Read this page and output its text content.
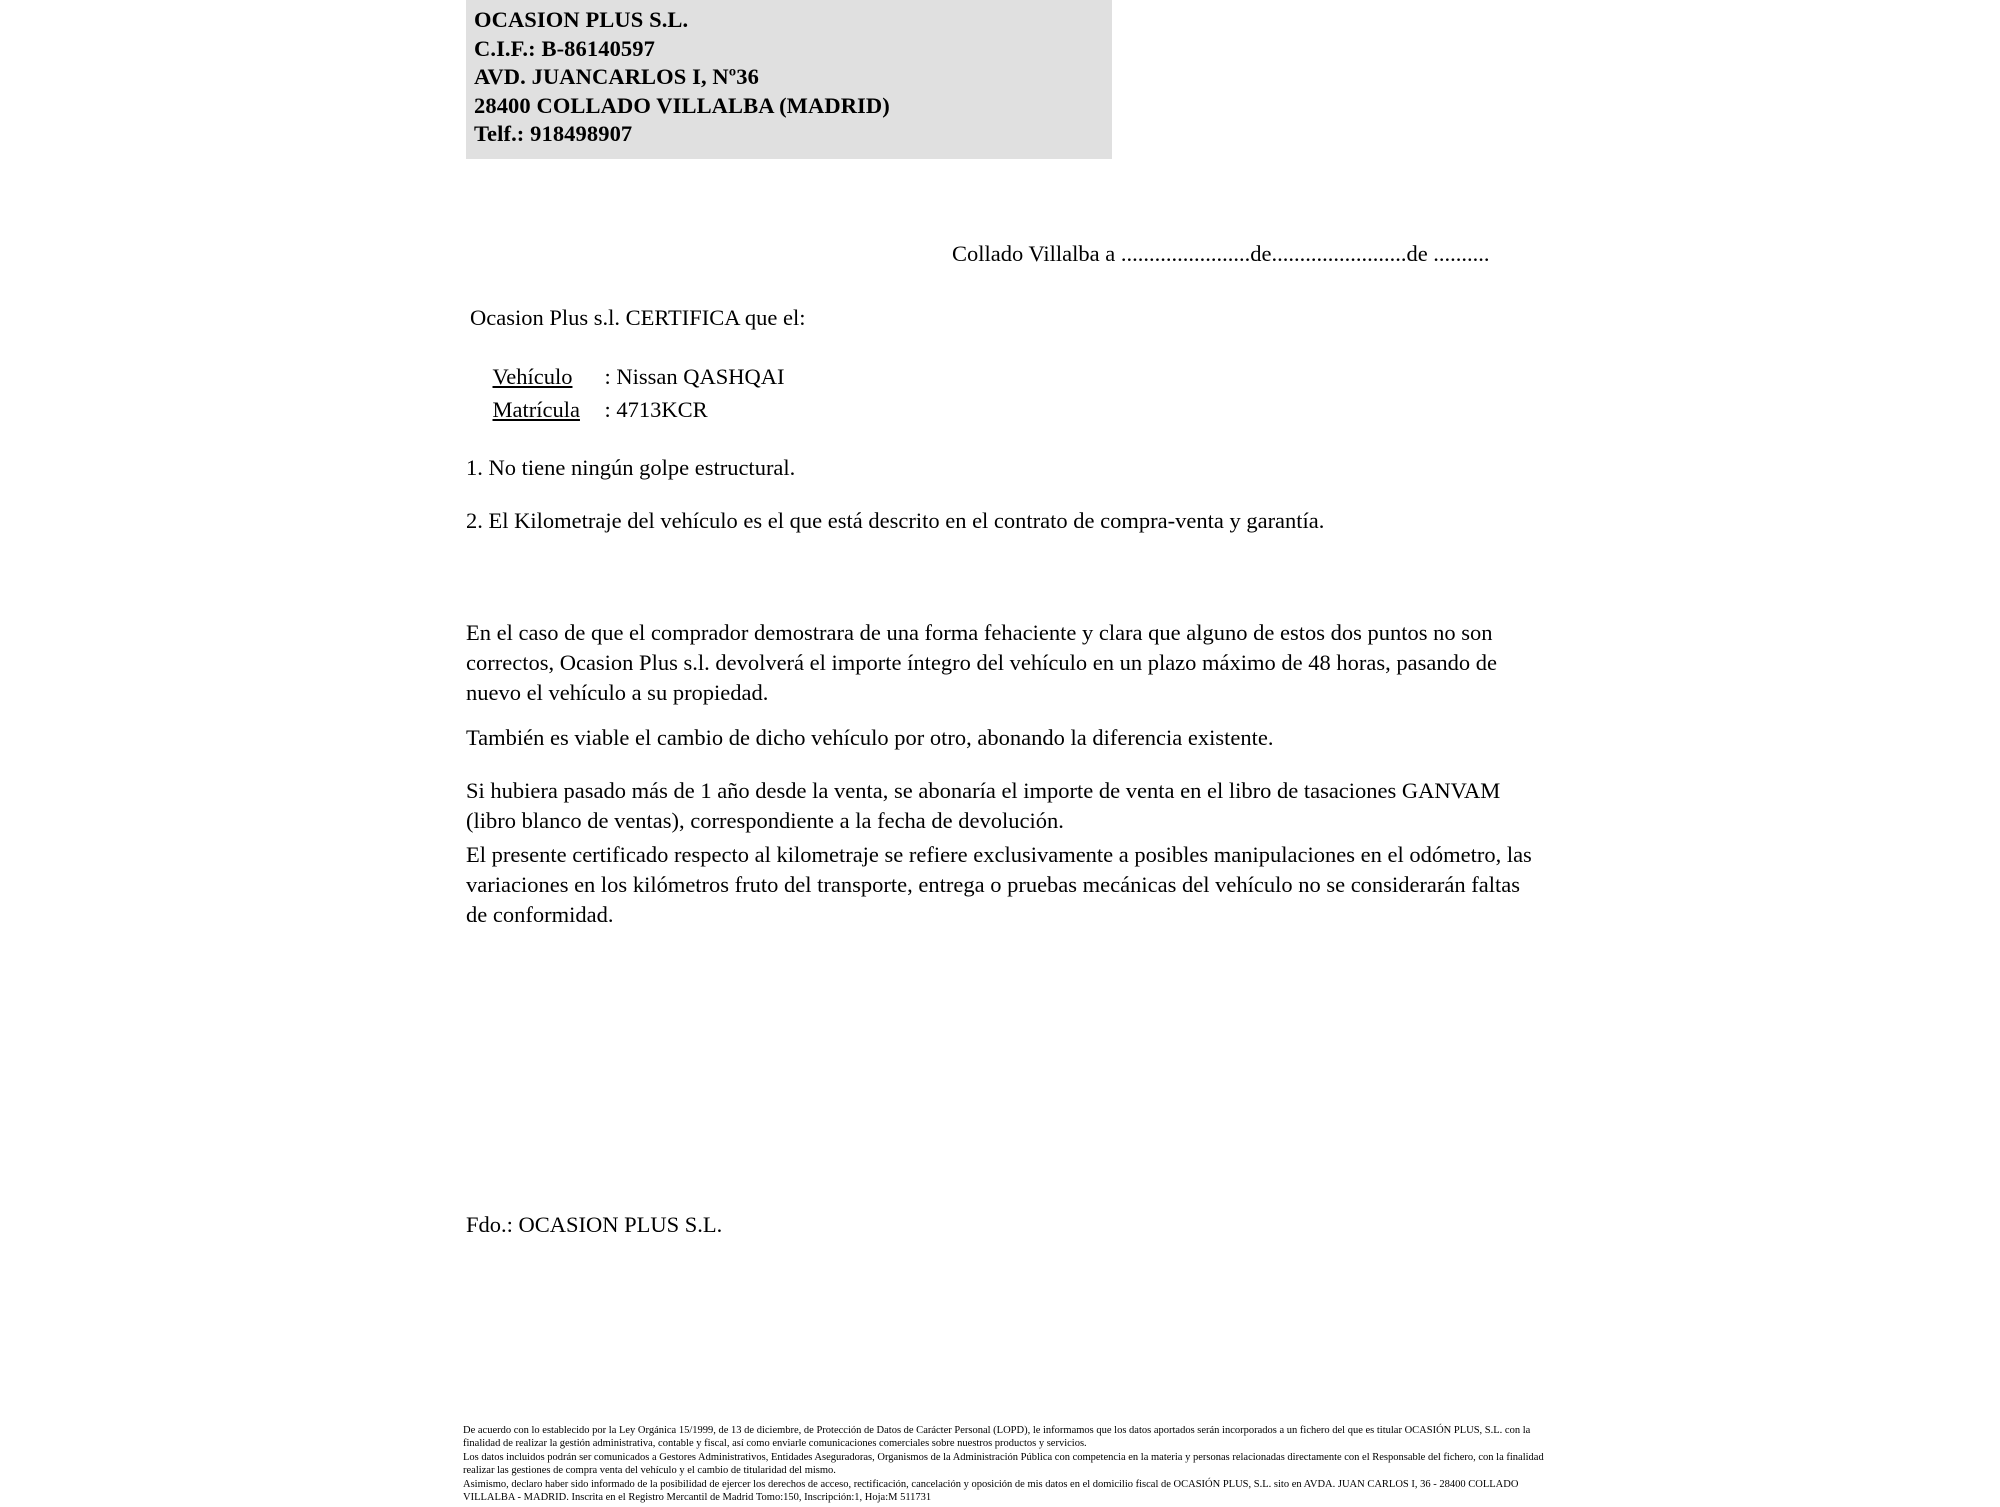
OCASION PLUS S.L.
C.I.F.: B-86140597
AVD. JUANCARLOS I, Nº36
28400 COLLADO VILLALBA (MADRID)
Telf.: 918498907
Collado Villalba a .......................de........................de ..........
Ocasion Plus s.l. CERTIFICA que el:

Vehículo : Nissan QASHQAI

Matrícula : 4713KCR

1. No tiene ningún golpe estructural.
2. El Kilometraje del vehículo es el que está descrito en el contrato de compra-venta y garantía.
En el caso de que el comprador demostrara de una forma fehaciente y clara que alguno de estos dos puntos no son correctos, Ocasion Plus s.l. devolverá el importe íntegro del vehículo en un plazo máximo de 48 horas, pasando de nuevo el vehículo a su propiedad.
También es viable el cambio de dicho vehículo por otro, abonando la diferencia existente.
Si hubiera pasado más de 1 año desde la venta, se abonaría el importe de venta en el libro de tasaciones GANVAM (libro blanco de ventas), correspondiente a la fecha de devolución.
El presente certificado respecto al kilometraje se refiere exclusivamente a posibles manipulaciones en el odómetro, las variaciones en los kilómetros fruto del transporte, entrega o pruebas mecánicas del vehículo no se considerarán faltas de conformidad.
Fdo.: OCASION PLUS S.L.

De acuerdo con lo establecido por la Ley Orgánica 15/1999, de 13 de diciembre, de Protección de Datos de Carácter Personal (LOPD), le informamos que los datos aportados serán incorporados a un fichero del que es titular OCASIÓN PLUS, S.L. con la finalidad de realizar la gestión administrativa, contable y fiscal, así como enviarle comunicaciones comerciales sobre nuestros productos y servicios.

Los datos incluidos podrán ser comunicados a Gestores Administrativos, Entidades Aseguradoras, Organismos de la Administración Pública con competencia en la materia y personas relacionadas directamente con el Responsable del fichero, con la finalidad realizar las gestiones de compra venta del vehículo y el cambio de titularidad del mismo.

Asimismo, declaro haber sido informado de la posibilidad de ejercer los derechos de acceso, rectificación, cancelación y oposición de mis datos en el domicilio fiscal de OCASIÓN PLUS, S.L. sito en AVDA. JUAN CARLOS I, 36 - 28400 COLLADO VILLALBA - MADRID. Inscrita en el Registro Mercantil de Madrid Tomo:150, Inscripción:1, Hoja:M 511731
